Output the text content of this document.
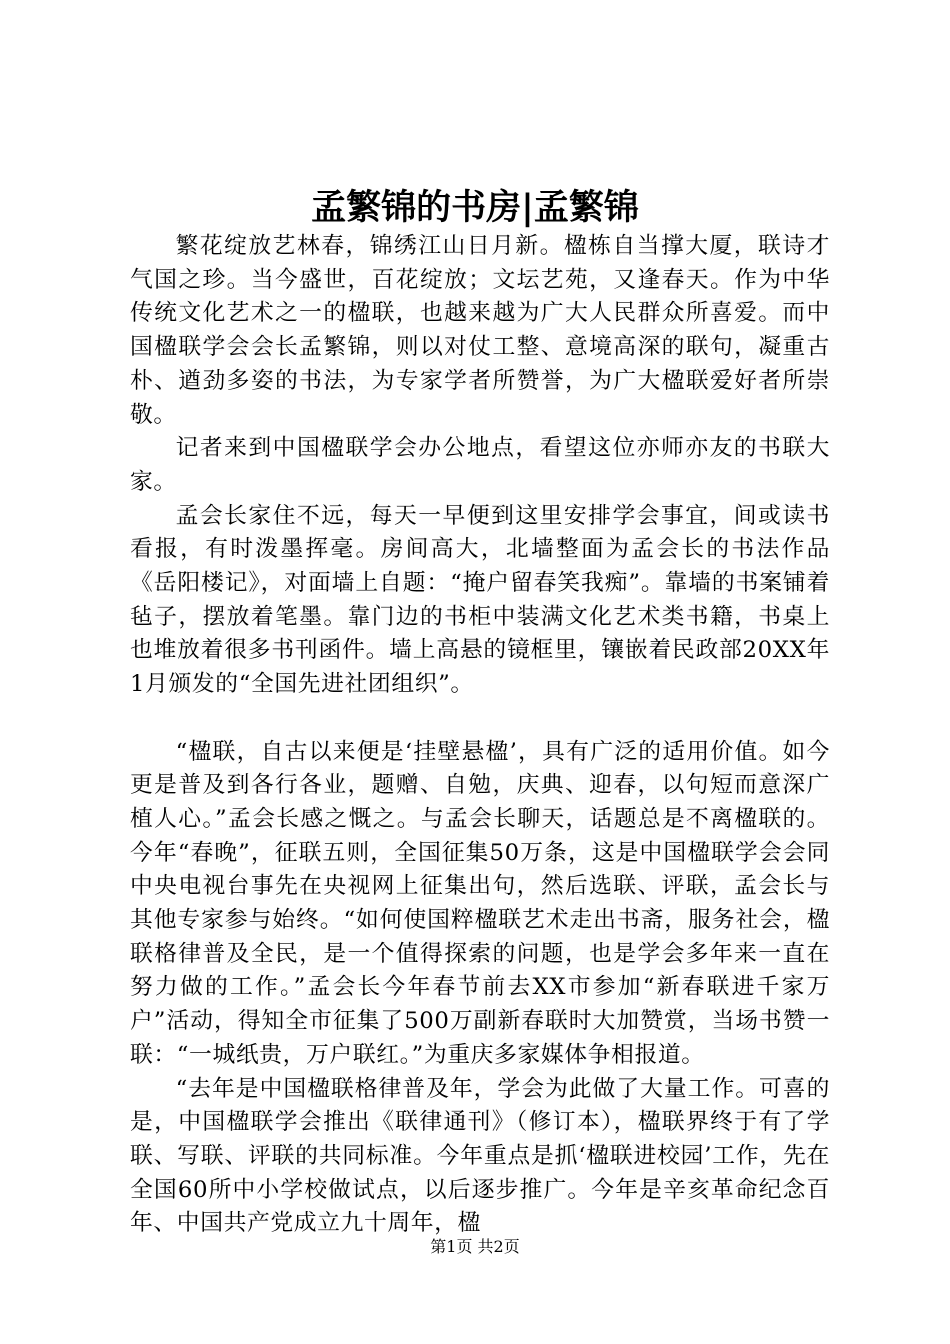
孟繁锦的书房|孟繁锦

繁花绽放艺林春，锦绣江山日月新。楹栋自当撑大厦，联诗才气国之珍。当今盛世，百花绽放；文坛艺苑，又逢春天。作为中华传统文化艺术之一的楹联，也越来越为广大人民群众所喜爱。而中国楹联学会会长孟繁锦，则以对仗工整、意境高深的联句，凝重古朴、遒劲多姿的书法，为专家学者所赞誉，为广大楹联爱好者所崇敬。

记者来到中国楹联学会办公地点，看望这位亦师亦友的书联大家。

孟会长家住不远，每天一早便到这里安排学会事宜，间或读书看报，有时泼墨挥毫。房间高大，北墙整面为孟会长的书法作品《岳阳楼记》，对面墙上自题：“掩户留春笑我痴”。靠墙的书案铺着毡子，摆放着笔墨。靠门边的书柜中装满文化艺术类书籍，书桌上也堆放着很多书刊函件。墙上高悬的镜框里，镶嵌着民政部20XX年1月颁发的“全国先进社团组织”。

“楹联，自古以来便是‘挂壁悬楹’，具有广泛的适用价值。如今更是普及到各行各业，题赠、自勉，庆典、迎春，以句短而意深广植人心。”孟会长感之慨之。与孟会长聊天，话题总是不离楹联的。今年“春晚”，征联五则，全国征集50万条，这是中国楹联学会会同中央电视台事先在央视网上征集出句，然后选联、评联，孟会长与其他专家参与始终。“如何使国粹楹联艺术走出书斋，服务社会，楹联格律普及全民，是一个值得探索的问题，也是学会多年来一直在努力做的工作。”孟会长今年春节前去XX市参加“新春联进千家万户”活动，得知全市征集了500万副新春联时大加赞赏，当场书赞一联：“一城纸贵，万户联红。”为重庆多家媒体争相报道。

“去年是中国楹联格律普及年，学会为此做了大量工作。可喜的是，中国楹联学会推出《联律通刊》（修订本），楹联界终于有了学联、写联、评联的共同标准。今年重点是抓‘楹联进校园’工作，先在全国60所中小学校做试点，以后逐步推广。今年是辛亥革命纪念百年、中国共产党成立九十周年，楹

第1页 共2页
